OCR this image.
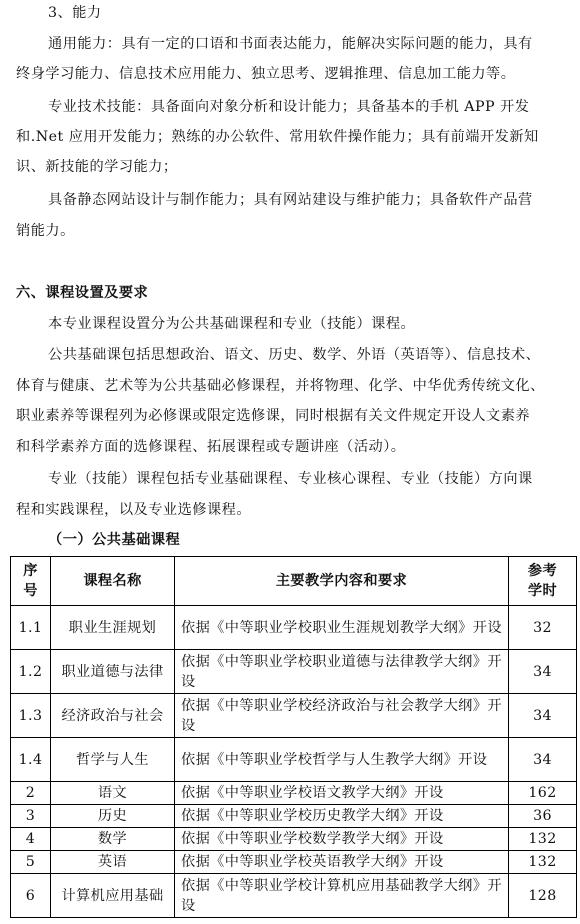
3、能力
通用能力：具有一定的口语和书面表达能力，能解决实际问题的能力，具有
终身学习能力、信息技术应用能力、独立思考、逻辑推理、信息加工能力等。
专业技术技能：具备面向对象分析和设计能力；具备基本的手机 APP 开发
和.Net 应用开发能力；熟练的办公软件、常用软件操作能力；具有前端开发新知
识、新技能的学习能力；
具备静态网站设计与制作能力；具有网站建设与维护能力；具备软件产品营
销能力。
六、课程设置及要求
本专业课程设置分为公共基础课程和专业（技能）课程。
公共基础课包括思想政治、语文、历史、数学、外语（英语等）、信息技术、
体育与健康、艺术等为公共基础必修课程，并将物理、化学、中华优秀传统文化、
职业素养等课程列为必修课或限定选修课，同时根据有关文件规定开设人文素养
和科学素养方面的选修课程、拓展课程或专题讲座（活动）。
专业（技能）课程包括专业基础课程、专业核心课程、专业（技能）方向课
程和实践课程，以及专业选修课程。
（一）公共基础课程
序号	课程名称	主要教学内容和要求	参考学时
1.1	职业生涯规划	依据《中等职业学校职业生涯规划教学大纲》开设	32
1.2	职业道德与法律	依据《中等职业学校职业道德与法律教学大纲》开设	34
1.3	经济政治与社会	依据《中等职业学校经济政治与社会教学大纲》开设	34
1.4	哲学与人生	依据《中等职业学校哲学与人生教学大纲》开设	34
2	语文	依据《中等职业学校语文教学大纲》开设	162
3	历史	依据《中等职业学校历史教学大纲》开设	36
4	数学	依据《中等职业学校数学教学大纲》开设	132
5	英语	依据《中等职业学校英语教学大纲》开设	132
6	计算机应用基础	依据《中等职业学校计算机应用基础教学大纲》开设	128
